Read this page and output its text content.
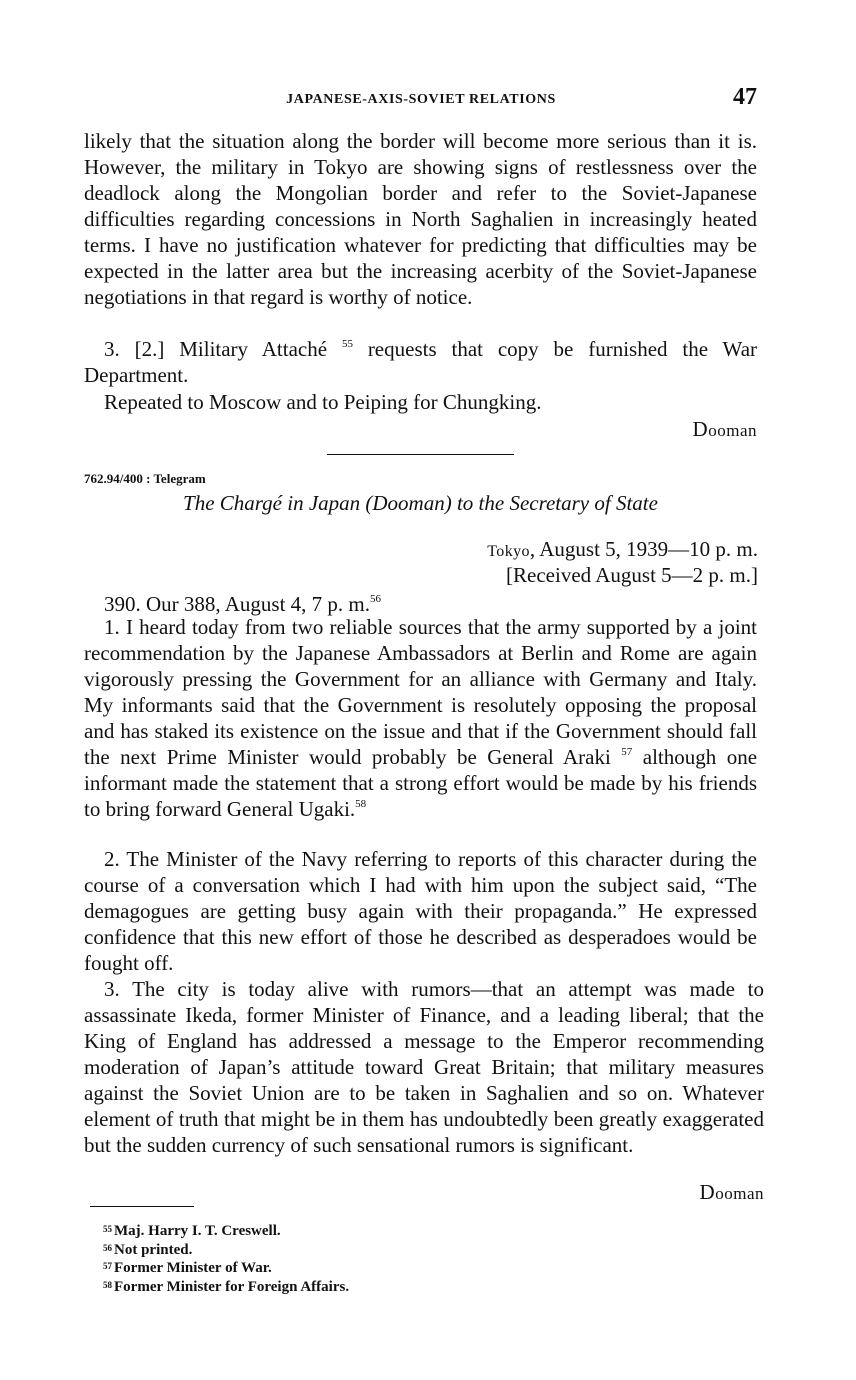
JAPANESE-AXIS-SOVIET RELATIONS	47

likely that the situation along the border will become more serious than it is. However, the military in Tokyo are showing signs of restlessness over the deadlock along the Mongolian border and refer to the Soviet-Japanese difficulties regarding concessions in North Saghalien in increasingly heated terms. I have no justification whatever for predicting that difficulties may be expected in the latter area but the increasing acerbity of the Soviet-Japanese negotiations in that regard is worthy of notice.

3. [2.] Military Attaché $^{55}$ requests that copy be furnished the War Department.

Repeated to Moscow and to Peiping for Chungking.

Dooman
762.94/400 : Telegram
The Chargé in Japan (Dooman) to the Secretary of State
Tokyo, August 5, 1939—10 p. m.
[Received August 5—2 p. m.]

390. Our 388, August 4, 7 p. m.$^{56}$

1. I heard today from two reliable sources that the army supported by a joint recommendation by the Japanese Ambassadors at Berlin and Rome are again vigorously pressing the Government for an alliance with Germany and Italy. My informants said that the Government is resolutely opposing the proposal and has staked its existence on the issue and that if the Government should fall the next Prime Minister would probably be General Araki $^{57}$ although one informant made the statement that a strong effort would be made by his friends to bring forward General Ugaki.$^{58}$

2. The Minister of the Navy referring to reports of this character during the course of a conversation which I had with him upon the subject said, “The demagogues are getting busy again with their propaganda.” He expressed confidence that this new effort of those he described as desperadoes would be fought off.

3. The city is today alive with rumors—that an attempt was made to assassinate Ikeda, former Minister of Finance, and a leading liberal; that the King of England has addressed a message to the Emperor recommending moderation of Japan’s attitude toward Great Britain; that military measures against the Soviet Union are to be taken in Saghalien and so on. Whatever element of truth that might be in them has undoubtedly been greatly exaggerated but the sudden currency of such sensational rumors is significant.

Dooman
$^{55}$ Maj. Harry I. T. Creswell.
$^{56}$ Not printed.
$^{57}$ Former Minister of War.
$^{58}$ Former Minister for Foreign Affairs.
